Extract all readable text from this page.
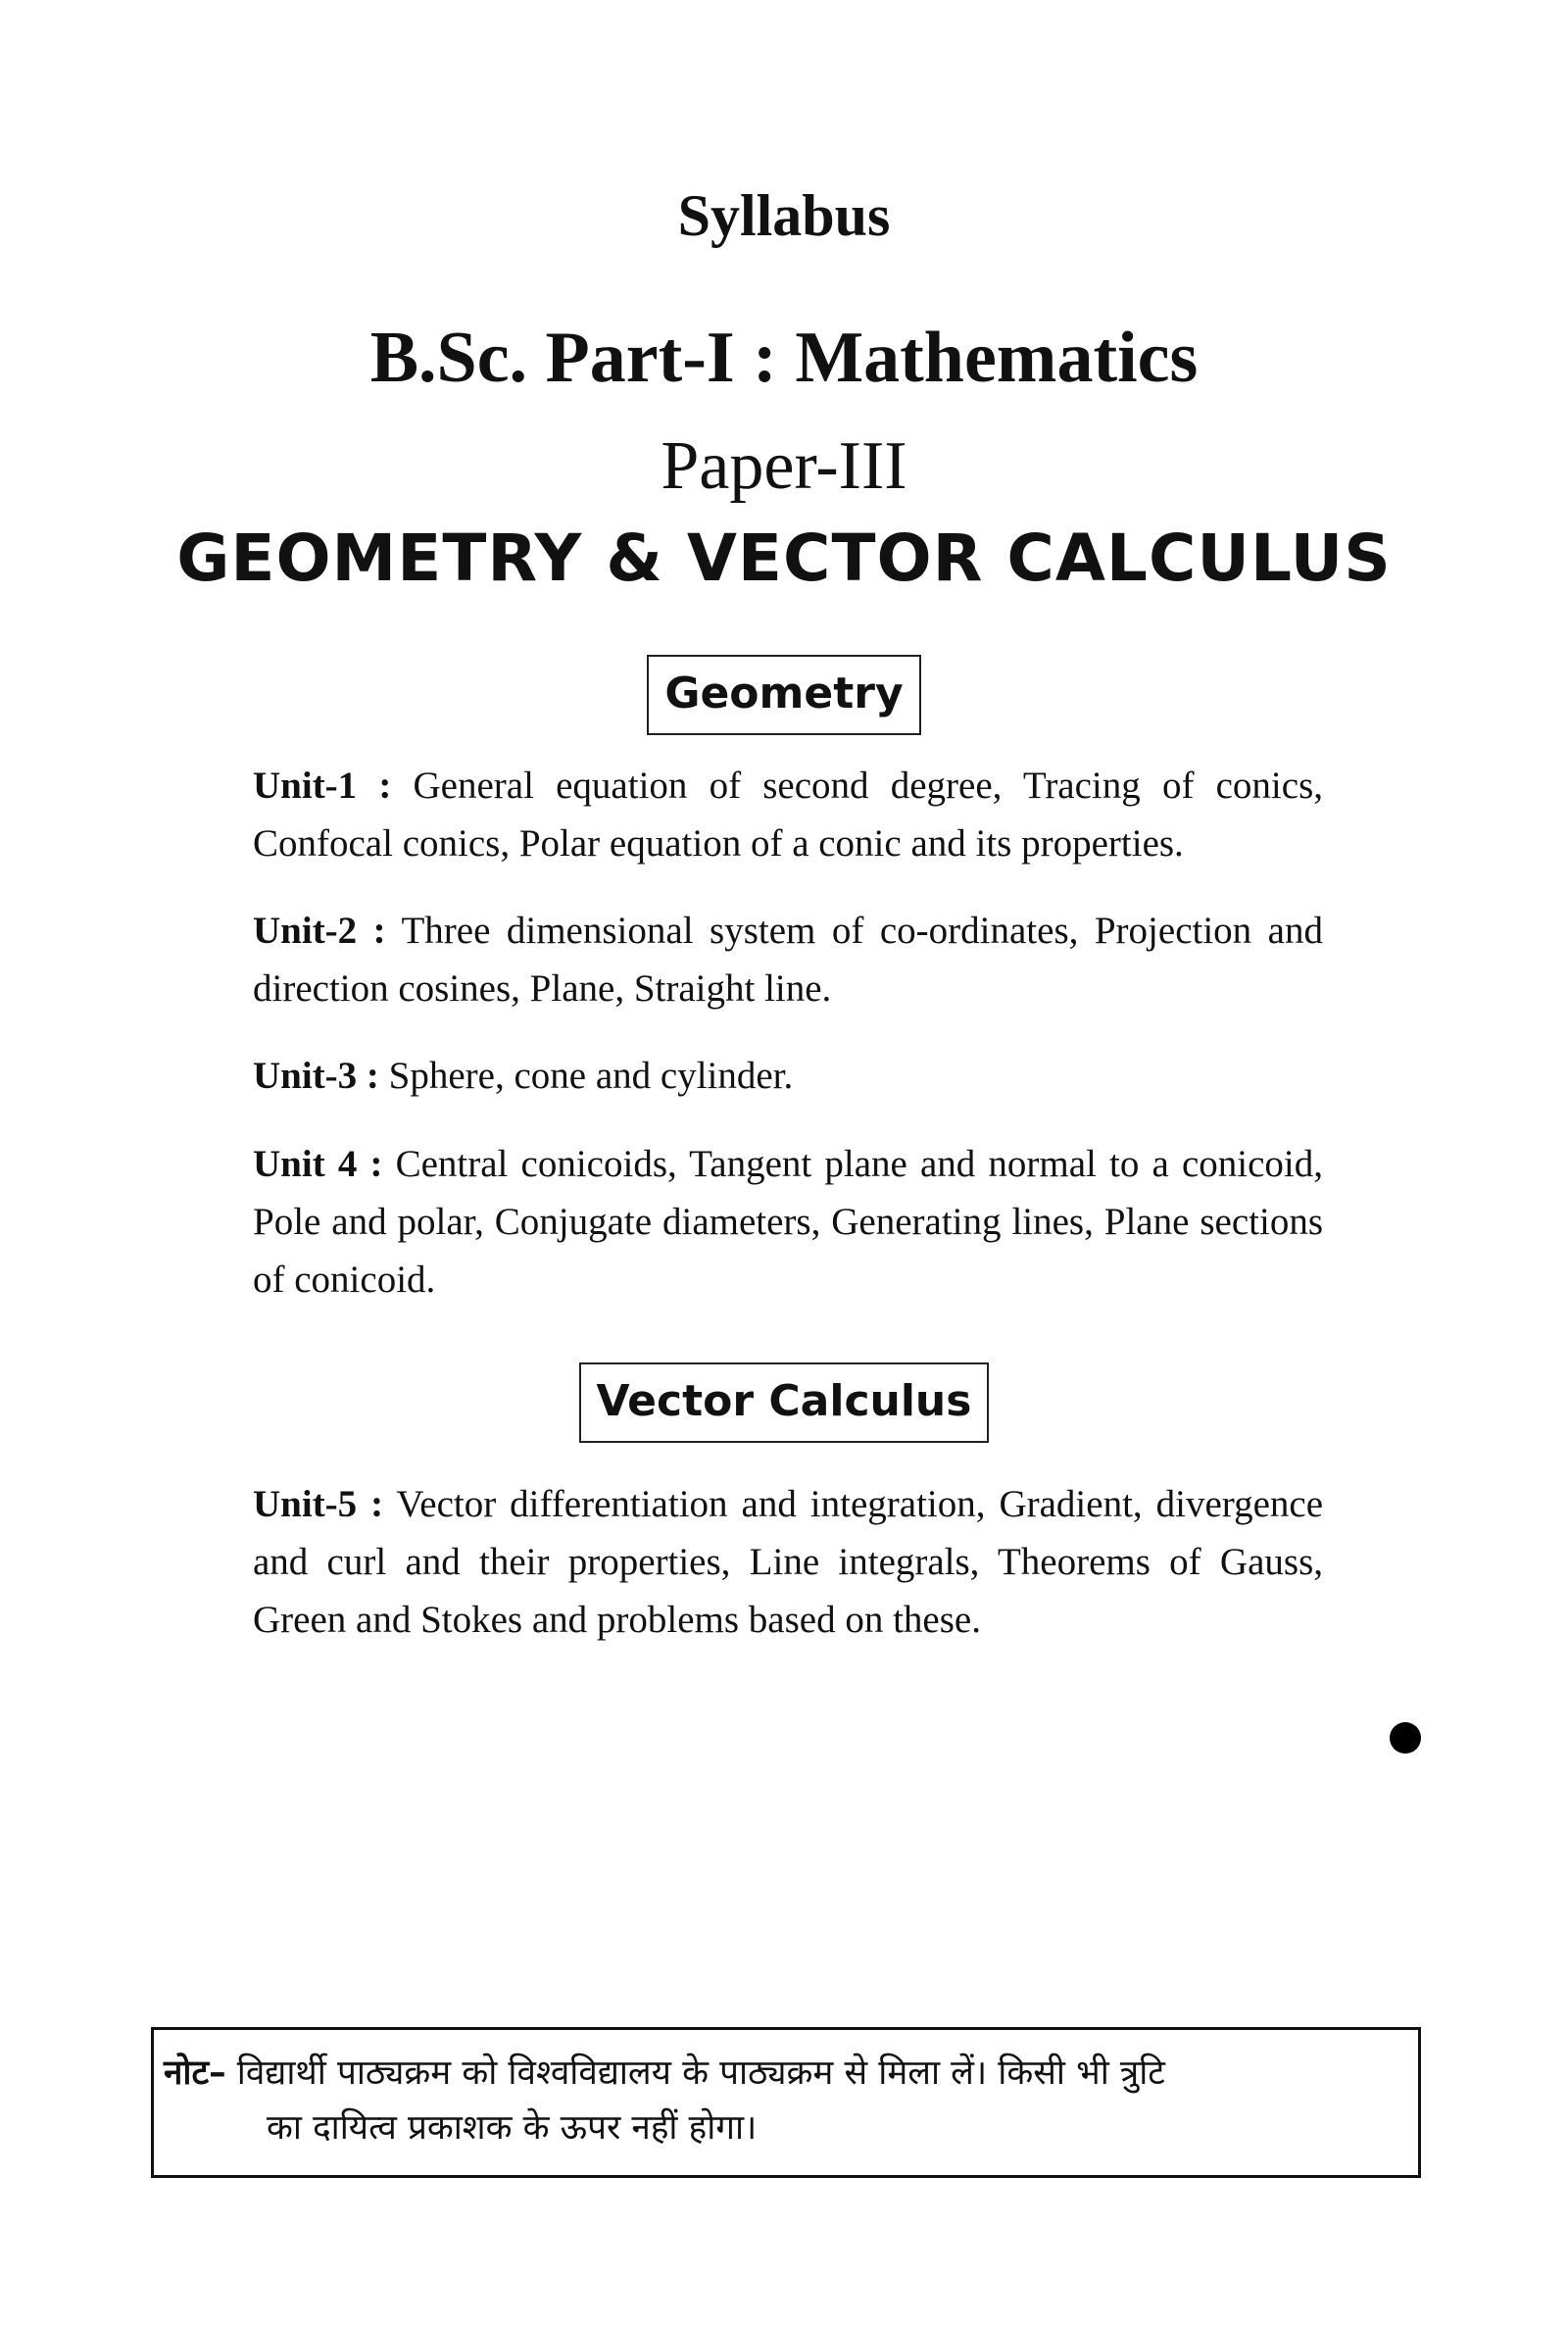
Syllabus
B.Sc. Part-I : Mathematics
Paper-III
GEOMETRY & VECTOR CALCULUS
Geometry
Unit-1 : General equation of second degree, Tracing of conics, Confocal conics, Polar equation of a conic and its properties.
Unit-2 : Three dimensional system of co-ordinates, Projection and direction cosines, Plane, Straight line.
Unit-3 : Sphere, cone and cylinder.
Unit 4 : Central conicoids, Tangent plane and normal to a conicoid, Pole and polar, Conjugate diameters, Generating lines, Plane sections of conicoid.
Vector Calculus
Unit-5 : Vector differentiation and integration, Gradient, divergence and curl and their properties, Line integrals, Theorems of Gauss, Green and Stokes and problems based on these.
नोट– विद्यार्थी पाठ्यक्रम को विश्वविद्यालय के पाठ्यक्रम से मिला लें। किसी भी त्रुटि
का दायित्व प्रकाशक के ऊपर नहीं होगा।
